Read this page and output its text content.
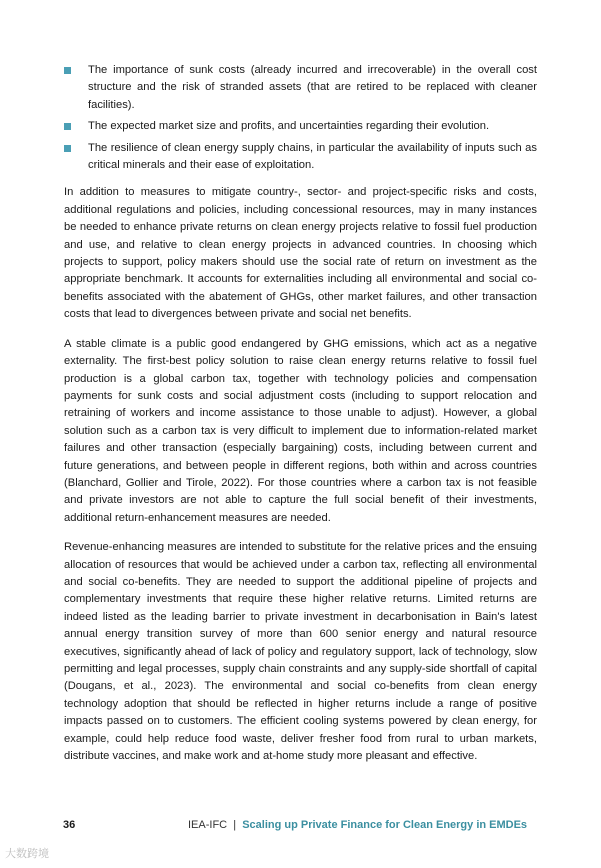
The importance of sunk costs (already incurred and irrecoverable) in the overall cost structure and the risk of stranded assets (that are retired to be replaced with cleaner facilities).
The expected market size and profits, and uncertainties regarding their evolution.
The resilience of clean energy supply chains, in particular the availability of inputs such as critical minerals and their ease of exploitation.

In addition to measures to mitigate country-, sector- and project-specific risks and costs, additional regulations and policies, including concessional resources, may in many instances be needed to enhance private returns on clean energy projects relative to fossil fuel production and use, and relative to clean energy projects in advanced countries. In choosing which projects to support, policy makers should use the social rate of return on investment as the appropriate benchmark. It accounts for externalities including all environmental and social co-benefits associated with the abatement of GHGs, other market failures, and other transaction costs that lead to divergences between private and social net benefits.

A stable climate is a public good endangered by GHG emissions, which act as a negative externality. The first-best policy solution to raise clean energy returns relative to fossil fuel production is a global carbon tax, together with technology policies and compensation payments for sunk costs and social adjustment costs (including to support relocation and retraining of workers and income assistance to those unable to adjust). However, a global solution such as a carbon tax is very difficult to implement due to information-related market failures and other transaction (especially bargaining) costs, including between current and future generations, and between people in different regions, both within and across countries (Blanchard, Gollier and Tirole, 2022). For those countries where a carbon tax is not feasible and private investors are not able to capture the full social benefit of their investments, additional return-enhancement measures are needed.

Revenue-enhancing measures are intended to substitute for the relative prices and the ensuing allocation of resources that would be achieved under a carbon tax, reflecting all environmental and social co-benefits. They are needed to support the additional pipeline of projects and complementary investments that require these higher relative returns. Limited returns are indeed listed as the leading barrier to private investment in decarbonisation in Bain's latest annual energy transition survey of more than 600 senior energy and natural resource executives, significantly ahead of lack of policy and regulatory support, lack of technology, slow permitting and legal processes, supply chain constraints and any supply-side shortfall of capital (Dougans, et al., 2023). The environmental and social co-benefits from clean energy technology adoption that should be reflected in higher returns include a range of positive impacts passed on to customers. The efficient cooling systems powered by clean energy, for example, could help reduce food waste, deliver fresher food from rural to urban markets, distribute vaccines, and make work and at-home study more pleasant and effective.

36	IEA-IFC  |  Scaling up Private Finance for Clean Energy in EMDEs
大数跨境
